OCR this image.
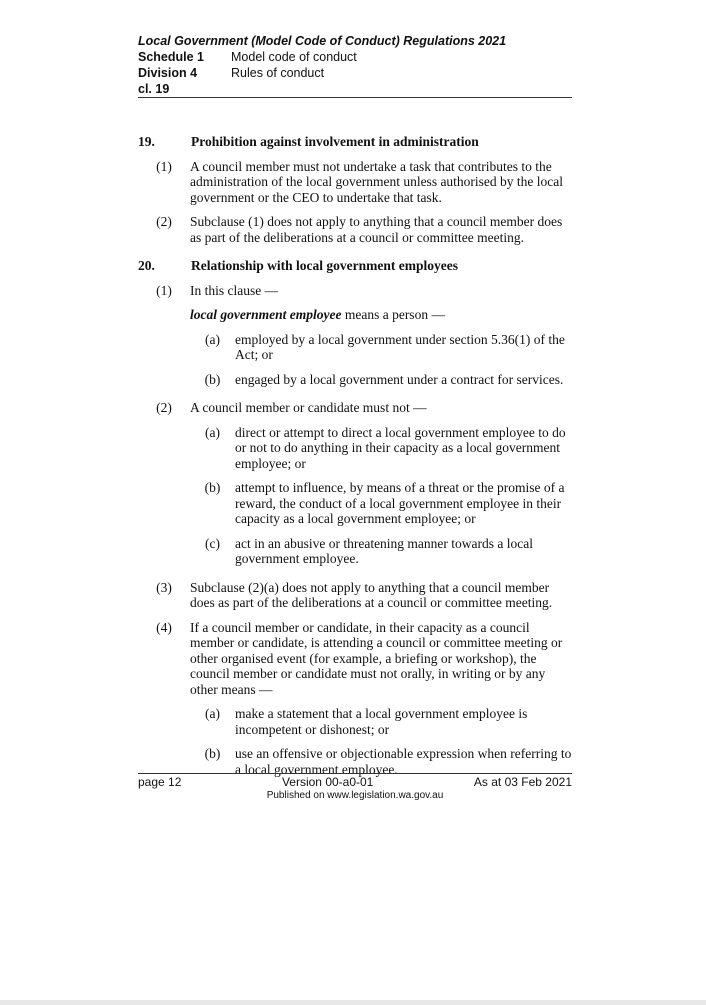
Local Government (Model Code of Conduct) Regulations 2021
Schedule 1	Model code of conduct
Division 4	Rules of conduct
cl. 19
19.	Prohibition against involvement in administration
(1)	A council member must not undertake a task that contributes to the administration of the local government unless authorised by the local government or the CEO to undertake that task.
(2)	Subclause (1) does not apply to anything that a council member does as part of the deliberations at a council or committee meeting.
20.	Relationship with local government employees
(1)	In this clause —
local government employee means a person —
(a)	employed by a local government under section 5.36(1) of the Act; or
(b)	engaged by a local government under a contract for services.
(2)	A council member or candidate must not —
(a)	direct or attempt to direct a local government employee to do or not to do anything in their capacity as a local government employee; or
(b)	attempt to influence, by means of a threat or the promise of a reward, the conduct of a local government employee in their capacity as a local government employee; or
(c)	act in an abusive or threatening manner towards a local government employee.
(3)	Subclause (2)(a) does not apply to anything that a council member does as part of the deliberations at a council or committee meeting.
(4)	If a council member or candidate, in their capacity as a council member or candidate, is attending a council or committee meeting or other organised event (for example, a briefing or workshop), the council member or candidate must not orally, in writing or by any other means —
(a)	make a statement that a local government employee is incompetent or dishonest; or
(b)	use an offensive or objectionable expression when referring to a local government employee.
page 12	Version 00-a0-01	As at 03 Feb 2021
Published on www.legislation.wa.gov.au
